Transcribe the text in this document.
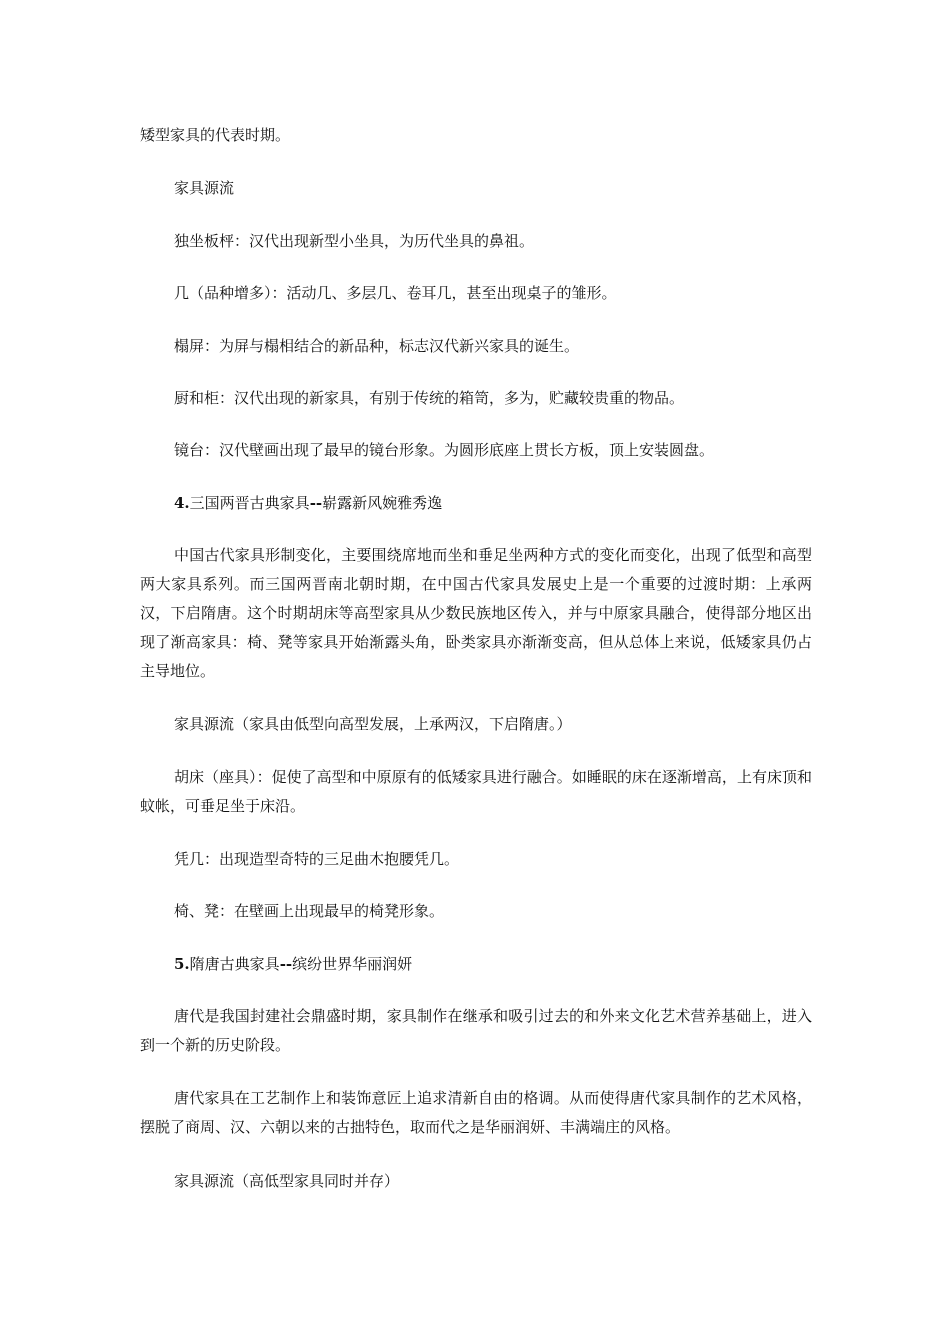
矮型家具的代表时期。

家具源流

独坐板枰：汉代出现新型小坐具，为历代坐具的鼻祖。

几（品种增多）：活动几、多层几、卷耳几，甚至出现桌子的雏形。

榻屏：为屏与榻相结合的新品种，标志汉代新兴家具的诞生。

厨和柜：汉代出现的新家具，有别于传统的箱笥，多为，贮藏较贵重的物品。

镜台：汉代壁画出现了最早的镜台形象。为圆形底座上贯长方板，顶上安装圆盘。

4.三国两晋古典家具--崭露新风婉雅秀逸

中国古代家具形制变化，主要围绕席地而坐和垂足坐两种方式的变化而变化，出现了低型和高型两大家具系列。而三国两晋南北朝时期，在中国古代家具发展史上是一个重要的过渡时期：上承两汉，下启隋唐。这个时期胡床等高型家具从少数民族地区传入，并与中原家具融合，使得部分地区出现了渐高家具：椅、凳等家具开始渐露头角，卧类家具亦渐渐变高，但从总体上来说，低矮家具仍占主导地位。

家具源流（家具由低型向高型发展，上承两汉，下启隋唐。）

胡床（座具）：促使了高型和中原原有的低矮家具进行融合。如睡眠的床在逐渐增高，上有床顶和蚊帐，可垂足坐于床沿。

凭几：出现造型奇特的三足曲木抱腰凭几。

椅、凳：在壁画上出现最早的椅凳形象。

5.隋唐古典家具--缤纷世界华丽润妍

唐代是我国封建社会鼎盛时期，家具制作在继承和吸引过去的和外来文化艺术营养基础上，进入到一个新的历史阶段。

唐代家具在工艺制作上和装饰意匠上追求清新自由的格调。从而使得唐代家具制作的艺术风格，摆脱了商周、汉、六朝以来的古拙特色，取而代之是华丽润妍、丰满端庄的风格。

家具源流（高低型家具同时并存）
